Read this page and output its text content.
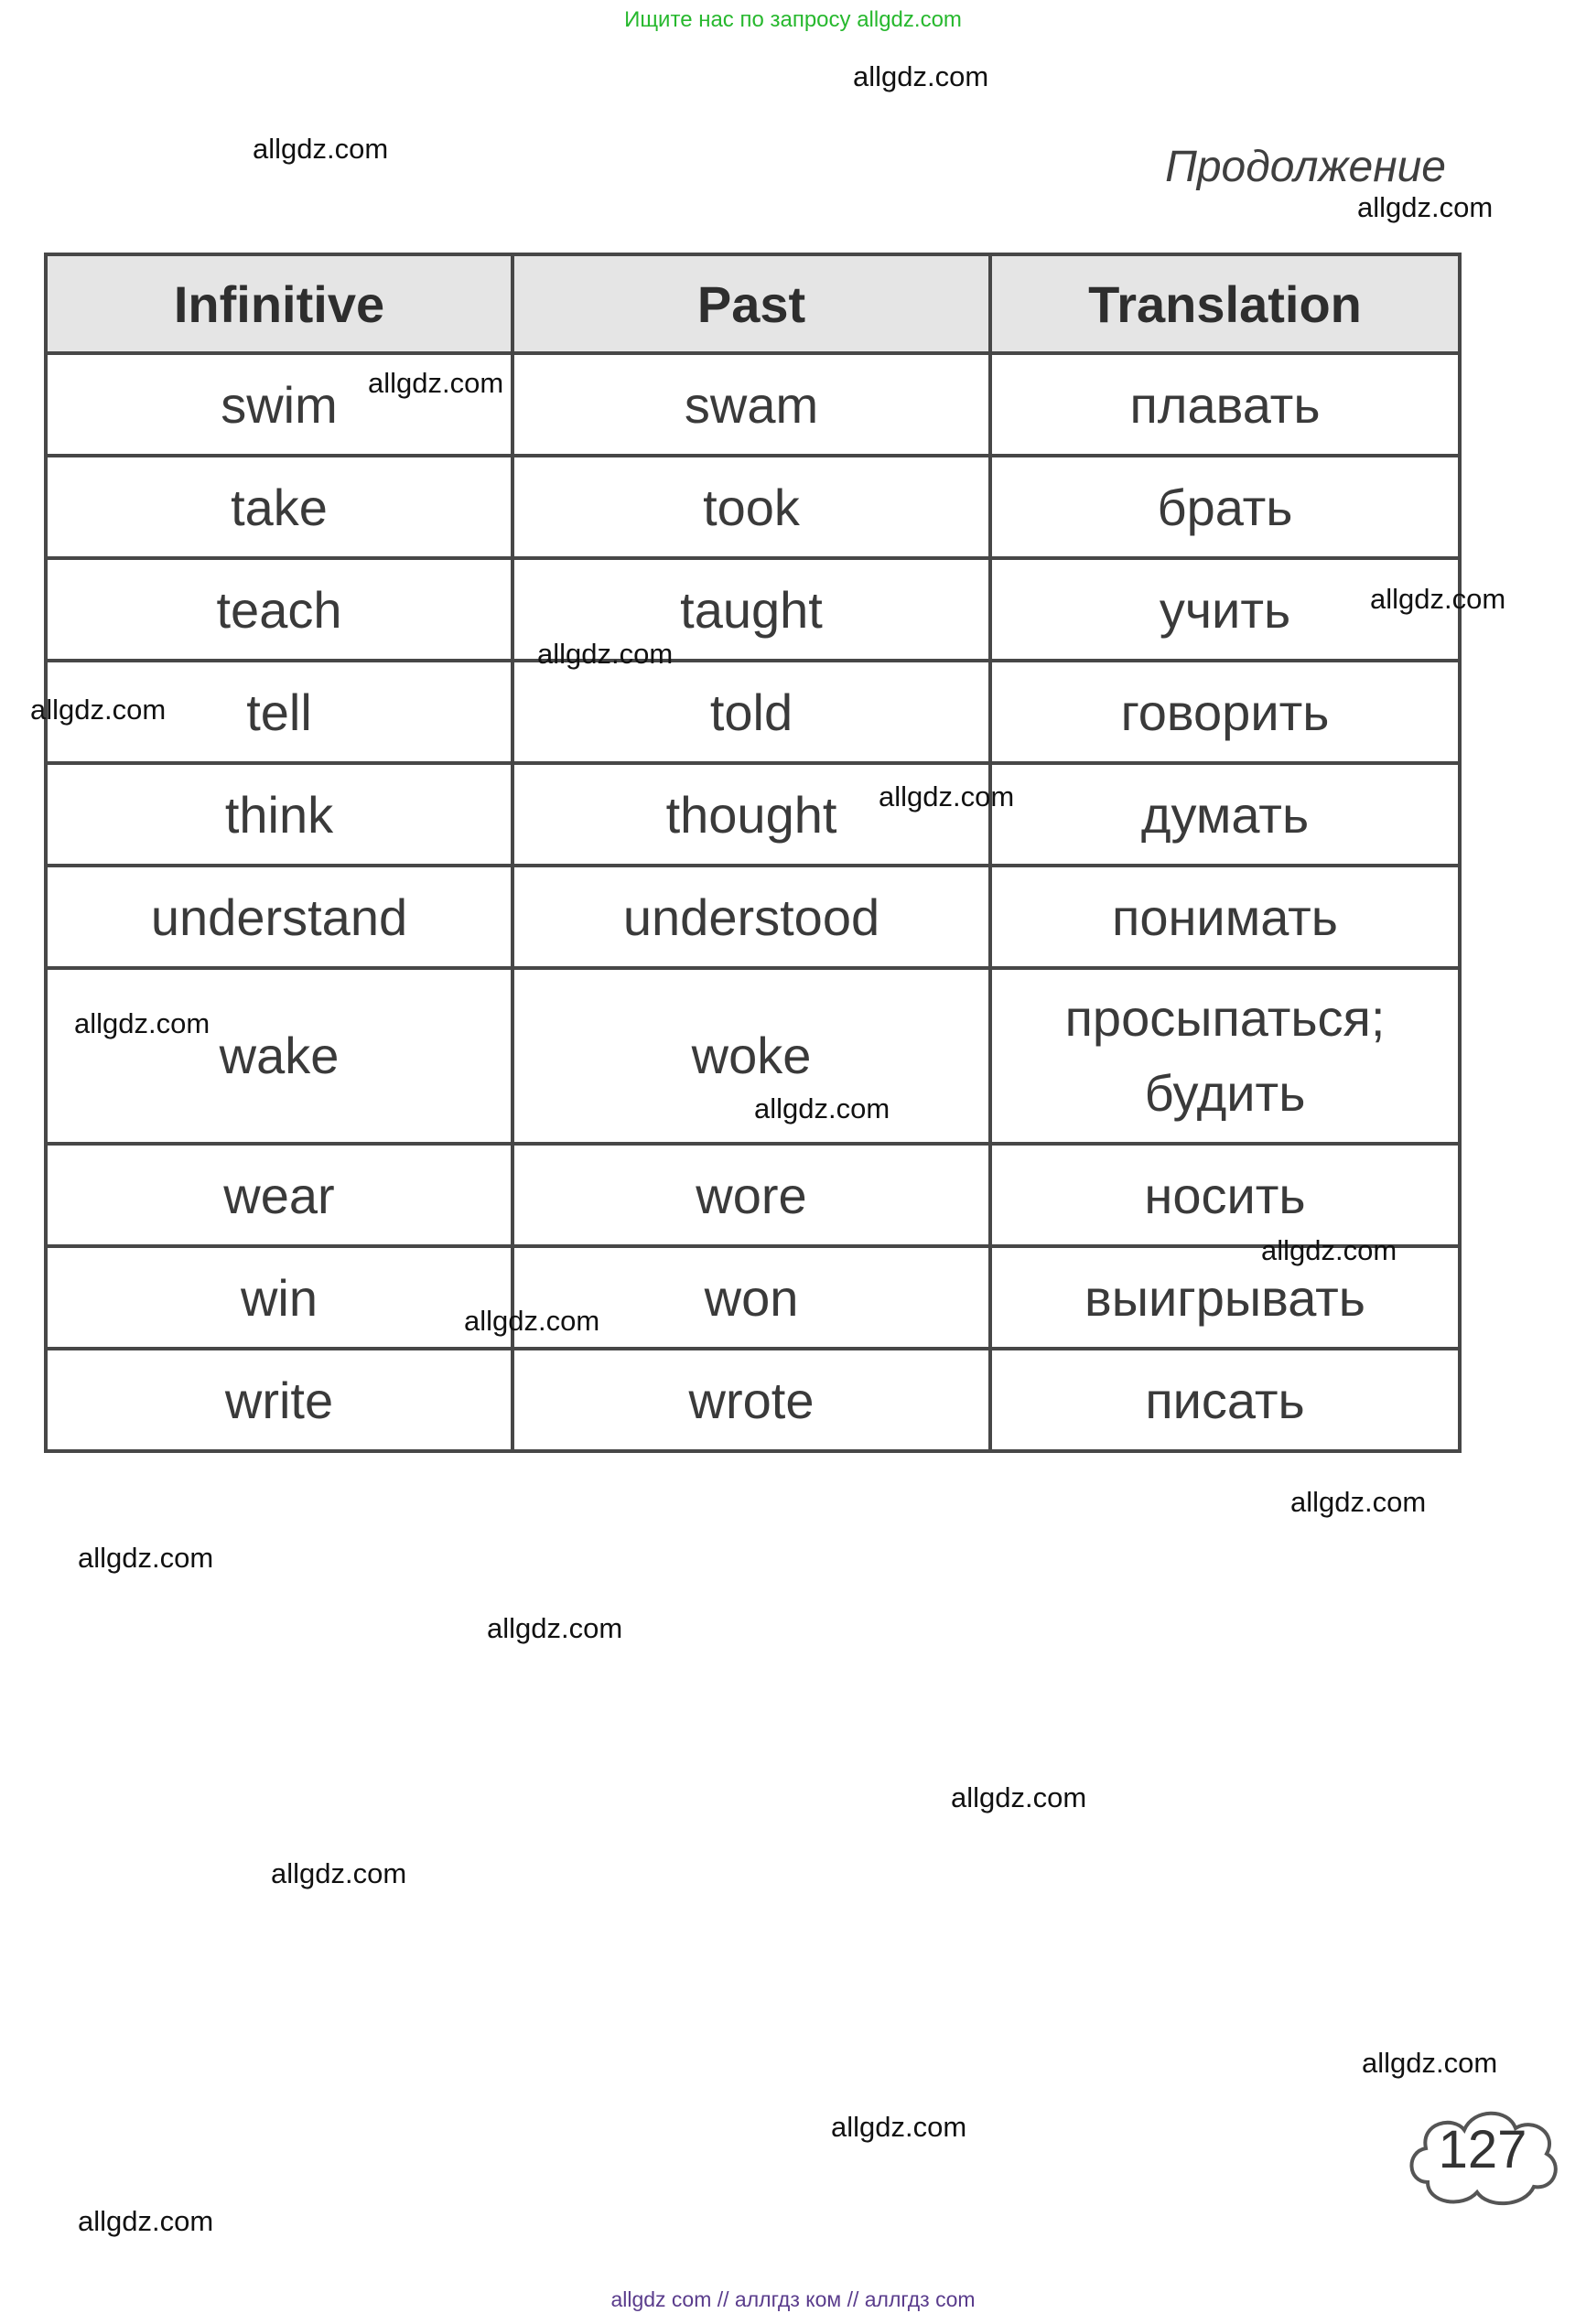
Ищите нас по запросу allgdz.com
Продолжение
Infinitive	Past	Translation
swim	swam	плавать
take	took	брать
teach	taught	учить
tell	told	говорить
think	thought	думать
understand	understood	понимать
wake	woke	просыпаться; будить
wear	wore	носить
win	won	выигрывать
write	wrote	писать
allgdz.com
allgdz.com
allgdz.com
allgdz.com
allgdz.com
allgdz.com
allgdz.com
allgdz.com
allgdz.com
allgdz.com
allgdz.com
allgdz.com
allgdz.com
allgdz.com
allgdz.com
allgdz.com
allgdz.com
allgdz.com
allgdz.com
allgdz.com
127
allgdz com // аллгдз ком // аллгдз com
